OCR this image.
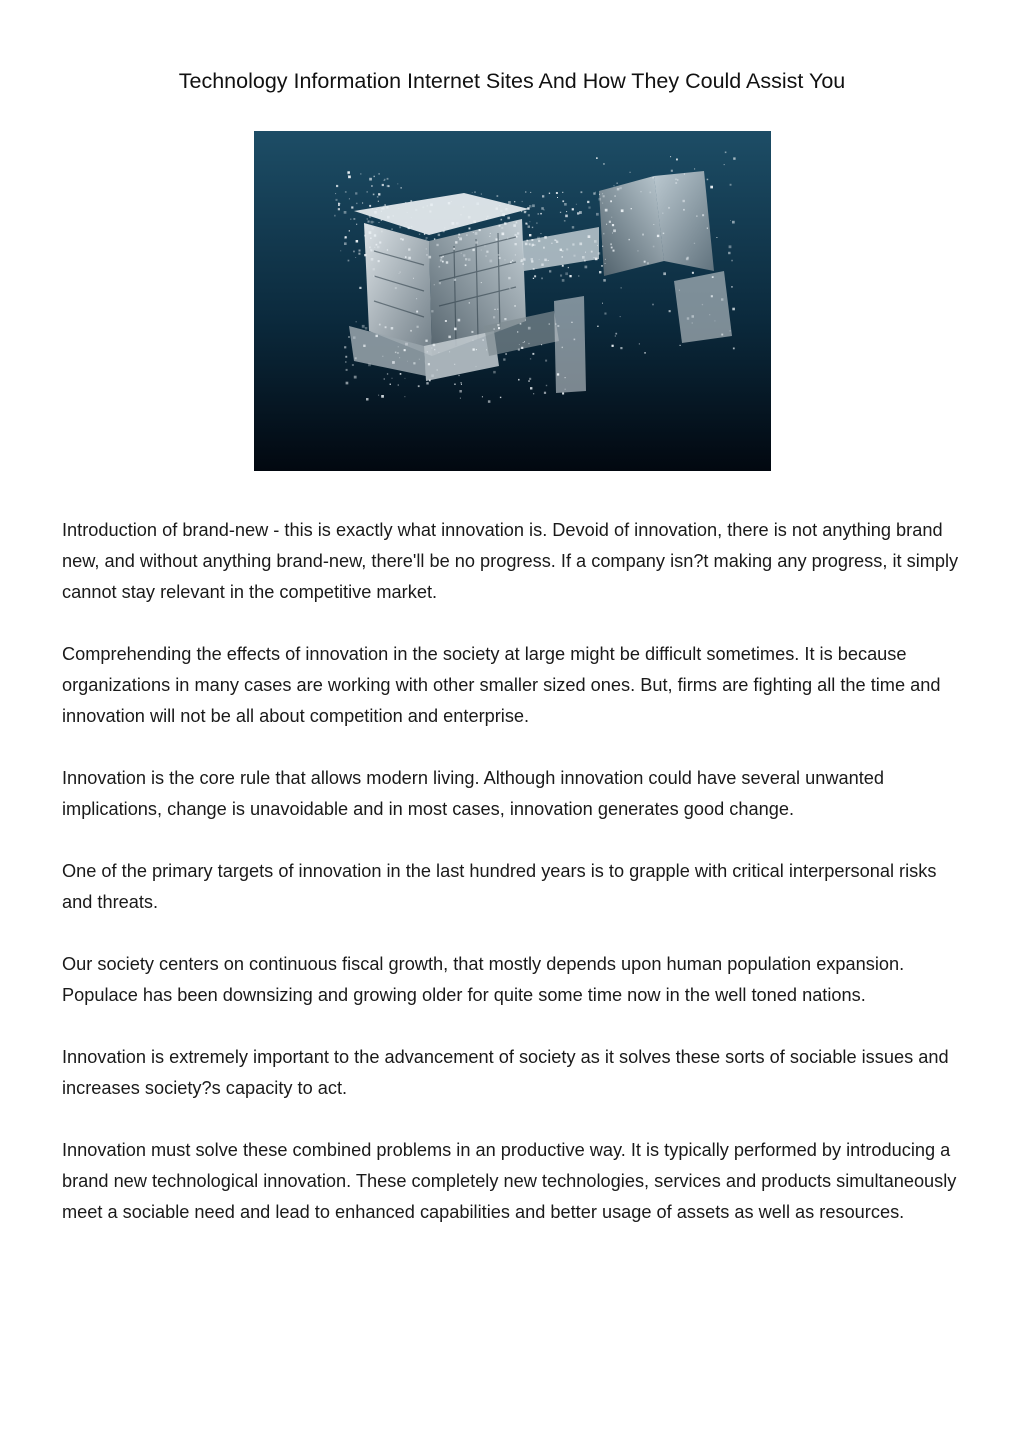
Technology Information Internet Sites And How They Could Assist You

Introduction of brand-new - this is exactly what innovation is. Devoid of innovation, there is not anything brand new, and without anything brand-new, there'll be no progress. If a company isn?t making any progress, it simply cannot stay relevant in the competitive market.

Comprehending the effects of innovation in the society at large might be difficult sometimes. It is because organizations in many cases are working with other smaller sized ones. But, firms are fighting all the time and innovation will not be all about competition and enterprise.

Innovation is the core rule that allows modern living. Although innovation could have several unwanted implications, change is unavoidable and in most cases, innovation generates good change.

One of the primary targets of innovation in the last hundred years is to grapple with critical interpersonal risks and threats.

Our society centers on continuous fiscal growth, that mostly depends upon human population expansion. Populace has been downsizing and growing older for quite some time now in the well toned nations.

Innovation is extremely important to the advancement of society as it solves these sorts of sociable issues and increases society?s capacity to act.

Innovation must solve these combined problems in an productive way. It is typically performed by introducing a brand new technological innovation. These completely new technologies, services and products simultaneously meet a sociable need and lead to enhanced capabilities and better usage of assets as well as resources.
